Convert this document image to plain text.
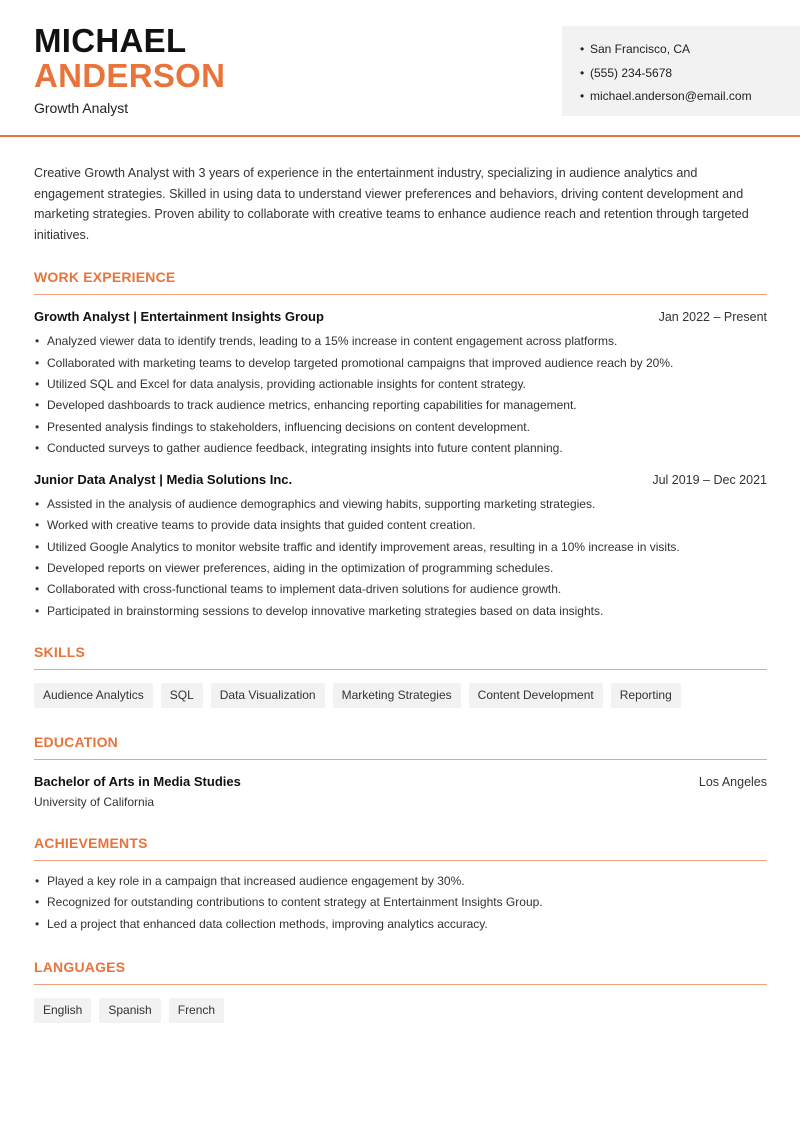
MICHAEL
ANDERSON
Growth Analyst
• San Francisco, CA
• (555) 234-5678
• michael.anderson@email.com

Creative Growth Analyst with 3 years of experience in the entertainment industry, specializing in audience analytics and engagement strategies. Skilled in using data to understand viewer preferences and behaviors, driving content development and marketing strategies. Proven ability to collaborate with creative teams to enhance audience reach and retention through targeted initiatives.

WORK EXPERIENCE
Growth Analyst | Entertainment Insights Group	Jan 2022 – Present
• Analyzed viewer data to identify trends, leading to a 15% increase in content engagement across platforms.
• Collaborated with marketing teams to develop targeted promotional campaigns that improved audience reach by 20%.
• Utilized SQL and Excel for data analysis, providing actionable insights for content strategy.
• Developed dashboards to track audience metrics, enhancing reporting capabilities for management.
• Presented analysis findings to stakeholders, influencing decisions on content development.
• Conducted surveys to gather audience feedback, integrating insights into future content planning.
Junior Data Analyst | Media Solutions Inc.	Jul 2019 – Dec 2021
• Assisted in the analysis of audience demographics and viewing habits, supporting marketing strategies.
• Worked with creative teams to provide data insights that guided content creation.
• Utilized Google Analytics to monitor website traffic and identify improvement areas, resulting in a 10% increase in visits.
• Developed reports on viewer preferences, aiding in the optimization of programming schedules.
• Collaborated with cross-functional teams to implement data-driven solutions for audience growth.
• Participated in brainstorming sessions to develop innovative marketing strategies based on data insights.
SKILLS
Audience Analytics	SQL	Data Visualization	Marketing Strategies	Content Development	Reporting
EDUCATION
Bachelor of Arts in Media Studies	Los Angeles
University of California
ACHIEVEMENTS
• Played a key role in a campaign that increased audience engagement by 30%.
• Recognized for outstanding contributions to content strategy at Entertainment Insights Group.
• Led a project that enhanced data collection methods, improving analytics accuracy.
LANGUAGES
English	Spanish	French
